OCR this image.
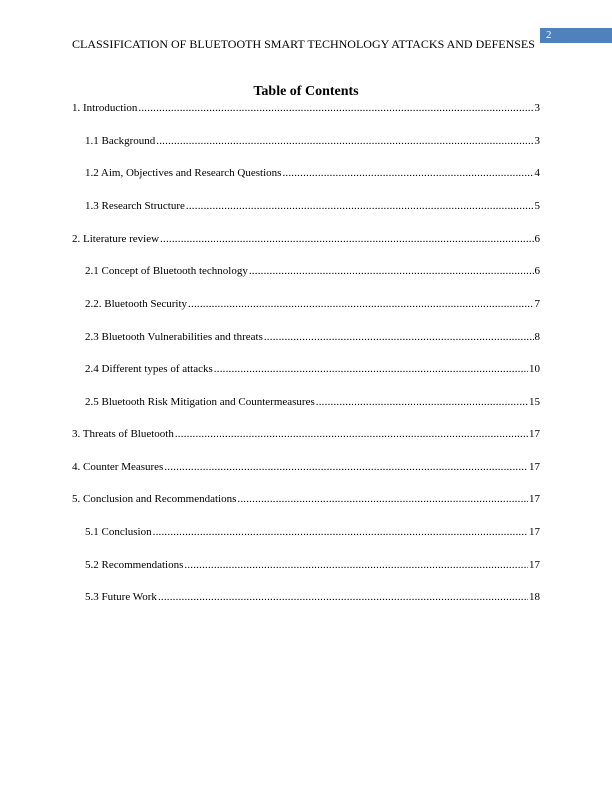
2
CLASSIFICATION OF BLUETOOTH SMART TECHNOLOGY ATTACKS AND DEFENSES
Table of Contents
1. Introduction .....	3
1.1 Background .....	3
1.2 Aim, Objectives and Research Questions .....	4
1.3 Research Structure .....	5
2. Literature review .....	6
2.1 Concept of Bluetooth technology .....	6
2.2. Bluetooth Security .....	7
2.3 Bluetooth Vulnerabilities and threats .....	8
2.4 Different types of attacks .....	10
2.5 Bluetooth Risk Mitigation and Countermeasures .....	15
3. Threats of Bluetooth .....	17
4. Counter Measures .....	17
5. Conclusion and Recommendations .....	17
5.1 Conclusion .....	17
5.2 Recommendations .....	17
5.3 Future Work .....	18
